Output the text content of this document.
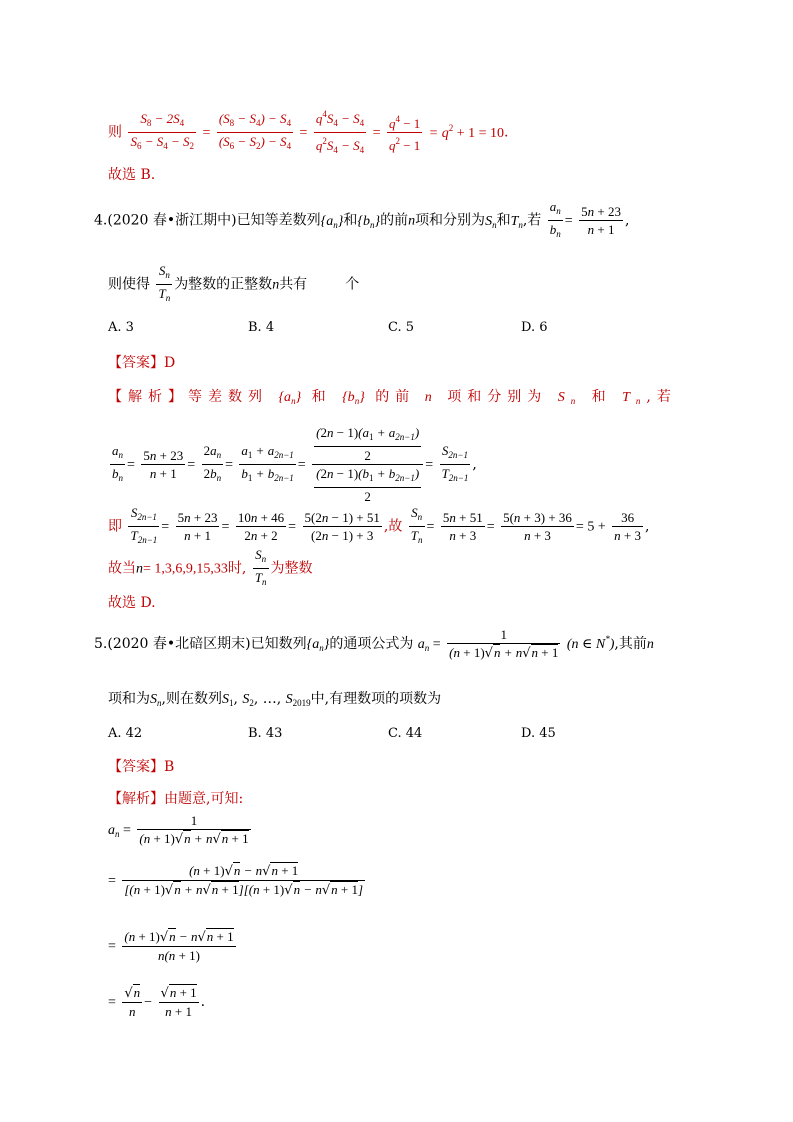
则 $\frac{S_8 - 2S_4}{S_6 - S_4 - S_2} = \frac{(S_8 - S_4) - S_4}{(S_6 - S_2) - S_4} = \frac{q^4S_4 - S_4}{q^2S_4 - S_4} = \frac{q^4 - 1}{q^2 - 1} = q^2 + 1 = 10$.
故选 B.
4.(2020 春•浙江期中)已知等差数列$\{a_n\}$和$\{b_n\}$的前n项和分别为$S_n$和$T_n$,若 $\frac{a_n}{b_n} = \frac{5n + 23}{n + 1}$ ,
则使得 $\frac{S_n}{T_n}$ 为整数的正整数n共有	个
A. 3	B. 4	C. 5	D. 6
【答案】D
【解析】等差数列 $\{a_n\}$ 和 $\{b_n\}$ 的前 n 项和分别为 $S_n$ 和 $T_n$,若
$\frac{a_n}{b_n} = \frac{5n + 23}{n + 1} = \frac{2a_n}{2b_n} = \frac{a_1 + a_{2n-1}}{b_1 + b_{2n-1}} = \frac{\frac{(2n - 1)(a_1 + a_{2n-1})}{2}}{\frac{(2n - 1)(b_1 + b_{2n-1})}{2}} = \frac{S_{2n-1}}{T_{2n-1}}$ ,
即 $\frac{S_{2n-1}}{T_{2n-1}} = \frac{5n + 23}{n + 1} = \frac{10n + 46}{2n + 2} = \frac{5(2n - 1) + 51}{(2n - 1) + 3}$ ,故 $\frac{S_n}{T_n} = \frac{5n + 51}{n + 3} = \frac{5(n + 3) + 36}{n + 3} = 5 + \frac{36}{n + 3}$ ,
故当n= 1,3,6,9,15,33时, $\frac{S_n}{T_n}$ 为整数
故选 D.
5.(2020 春•北碚区期末)已知数列$\{a_n\}$的通项公式为 $a_n = \frac{1}{(n + 1)√n + n√n + 1} (n$ ∈ N*),其前n
项和为$S_n$,则在数列$S_1$, $S_2$, …, $S_{2019}$中,有理数项的项数为
A. 42	B. 43	C. 44	D. 45
【答案】B
【解析】由题意,可知:
$a_n = \frac{1}{(n + 1)√n + n√n + 1}$
= $\frac{(n + 1)√n - n√n + 1}{[(n + 1)√n + n√n + 1][(n + 1)√n - n√n + 1]}$
= $\frac{(n + 1)√n - n√n + 1}{n(n + 1)}$
= $\frac{√n}{n} - \frac{√n + 1}{n + 1}$ .
